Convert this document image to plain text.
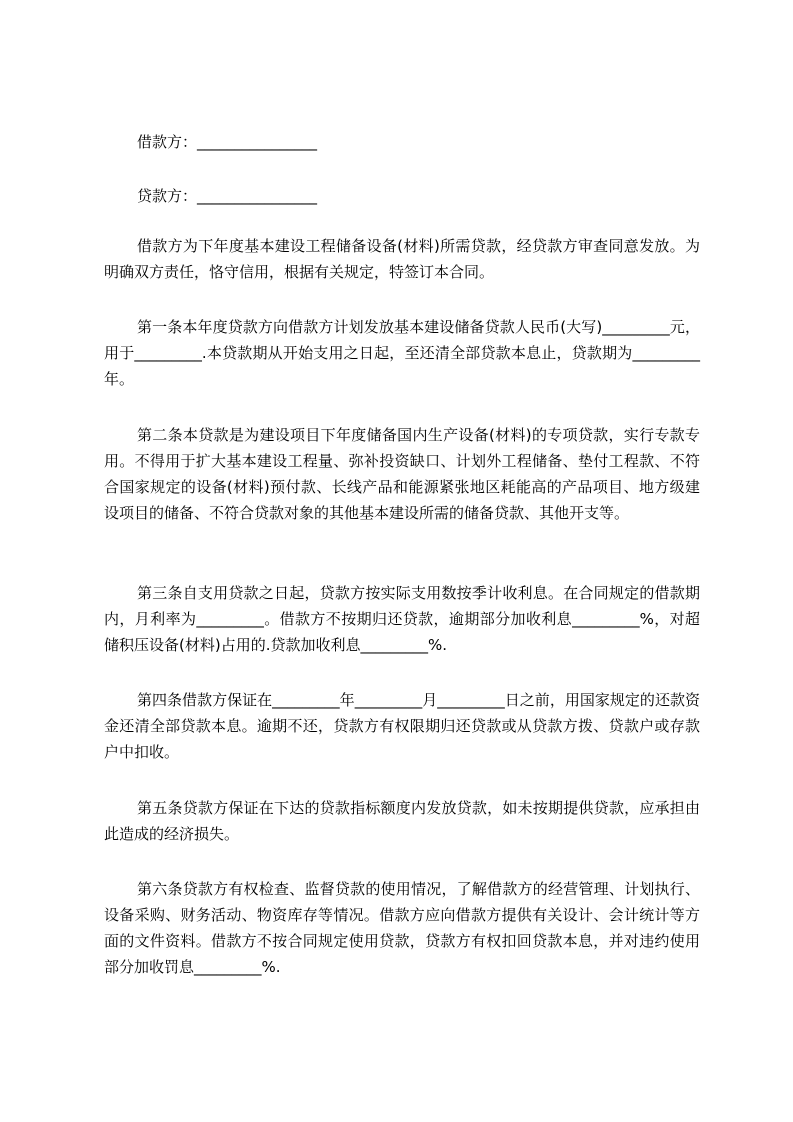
借款方：________________
贷款方：________________
借款方为下年度基本建设工程储备设备(材料)所需贷款，经贷款方审查同意发放。为明确双方责任，恪守信用，根据有关规定，特签订本合同。
第一条本年度贷款方向借款方计划发放基本建设储备贷款人民币(大写)_________元，用于_________.本贷款期从开始支用之日起，至还清全部贷款本息止，贷款期为_________年。
第二条本贷款是为建设项目下年度储备国内生产设备(材料)的专项贷款，实行专款专用。不得用于扩大基本建设工程量、弥补投资缺口、计划外工程储备、垫付工程款、不符合国家规定的设备(材料)预付款、长线产品和能源紧张地区耗能高的产品项目、地方级建设项目的储备、不符合贷款对象的其他基本建设所需的储备贷款、其他开支等。
第三条自支用贷款之日起，贷款方按实际支用数按季计收利息。在合同规定的借款期内，月利率为_________。借款方不按期归还贷款，逾期部分加收利息_________%，对超储积压设备(材料)占用的.贷款加收利息_________%.
第四条借款方保证在_________年_________月_________日之前，用国家规定的还款资金还清全部贷款本息。逾期不还，贷款方有权限期归还贷款或从贷款方拨、贷款户或存款户中扣收。
第五条贷款方保证在下达的贷款指标额度内发放贷款，如未按期提供贷款，应承担由此造成的经济损失。
第六条贷款方有权检查、监督贷款的使用情况，了解借款方的经营管理、计划执行、设备采购、财务活动、物资库存等情况。借款方应向借款方提供有关设计、会计统计等方面的文件资料。借款方不按合同规定使用贷款，贷款方有权扣回贷款本息，并对违约使用部分加收罚息_________%.
